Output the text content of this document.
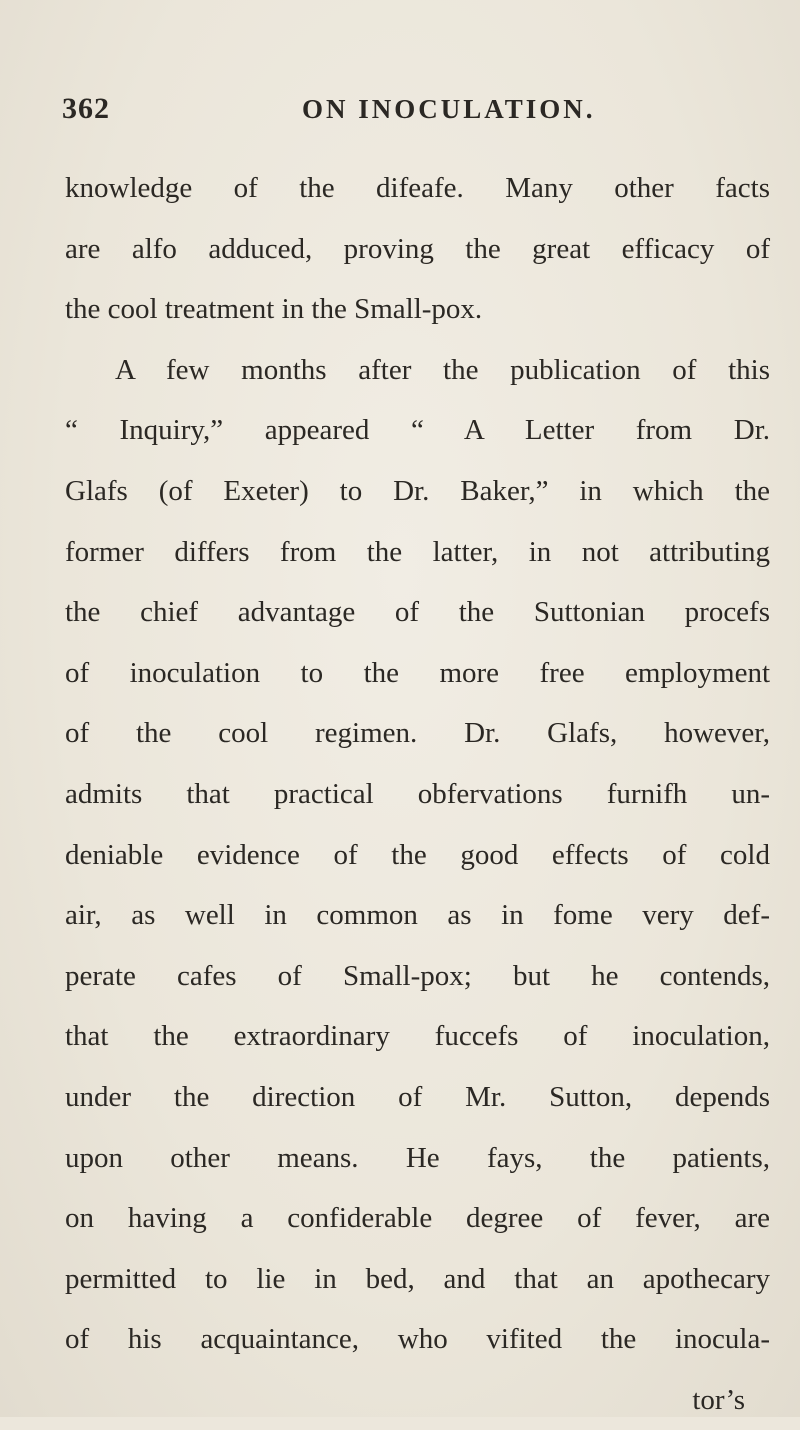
362	ON INOCULATION.
knowledge of the difeafe. Many other facts
are alfo adduced, proving the great efficacy of
the cool treatment in the Small-pox.
A few months after the publication of this
“ Inquiry,” appeared “ A Letter from Dr.
Glafs (of Exeter) to Dr. Baker,” in which the
former differs from the latter, in not attributing
the chief advantage of the Suttonian procefs
of inoculation to the more free employment
of the cool regimen. Dr. Glafs, however,
admits that practical obfervations furnifh un-
deniable evidence of the good effects of cold
air, as well in common as in fome very def-
perate cafes of Small-pox; but he contends,
that the extraordinary fuccefs of inoculation,
under the direction of Mr. Sutton, depends
upon other means. He fays, the patients,
on having a confiderable degree of fever, are
permitted to lie in bed, and that an apothecary
of his acquaintance, who vifited the inocula-
tor’s
